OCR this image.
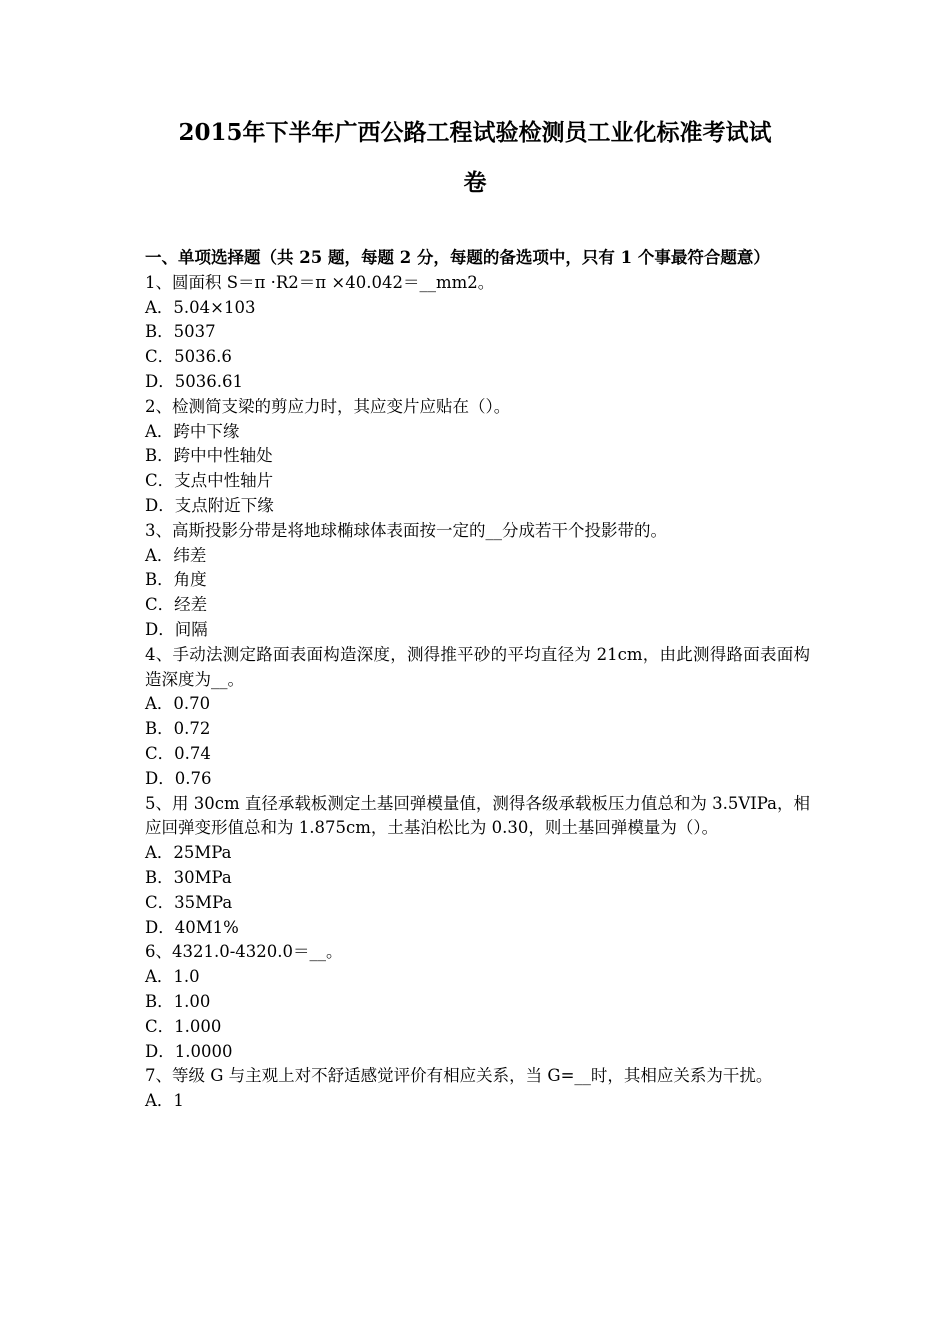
2015年下半年广西公路工程试验检测员工业化标准考试试
卷

一、单项选择题（共 25 题，每题 2 分，每题的备选项中，只有 1 个事最符合题意）

1、圆面积 S＝π ·R2＝π ×40.042＝__mm2。

A．5.04×103

B．5037

C．5036.6

D．5036.61

2、检测简支梁的剪应力时，其应变片应贴在（）。

A．跨中下缘

B．跨中中性轴处

C．支点中性轴片

D．支点附近下缘

3、高斯投影分带是将地球椭球体表面按一定的__分成若干个投影带的。

A．纬差

B．角度

C．经差

D．间隔

4、手动法测定路面表面构造深度，测得推平砂的平均直径为 21cm，由此测得路面表面构造深度为__。

A．0.70

B．0.72

C．0.74

D．0.76

5、用 30cm 直径承载板测定土基回弹模量值，测得各级承载板压力值总和为 3.5VIPa，相应回弹变形值总和为 1.875cm，土基泊松比为 0.30，则土基回弹模量为（）。

A．25MPa

B．30MPa

C．35MPa

D．40M1%

6、4321.0-4320.0＝__。

A．1.0

B．1.00

C．1.000

D．1.0000

7、等级 G 与主观上对不舒适感觉评价有相应关系，当 G=__时，其相应关系为干扰。

A．1
